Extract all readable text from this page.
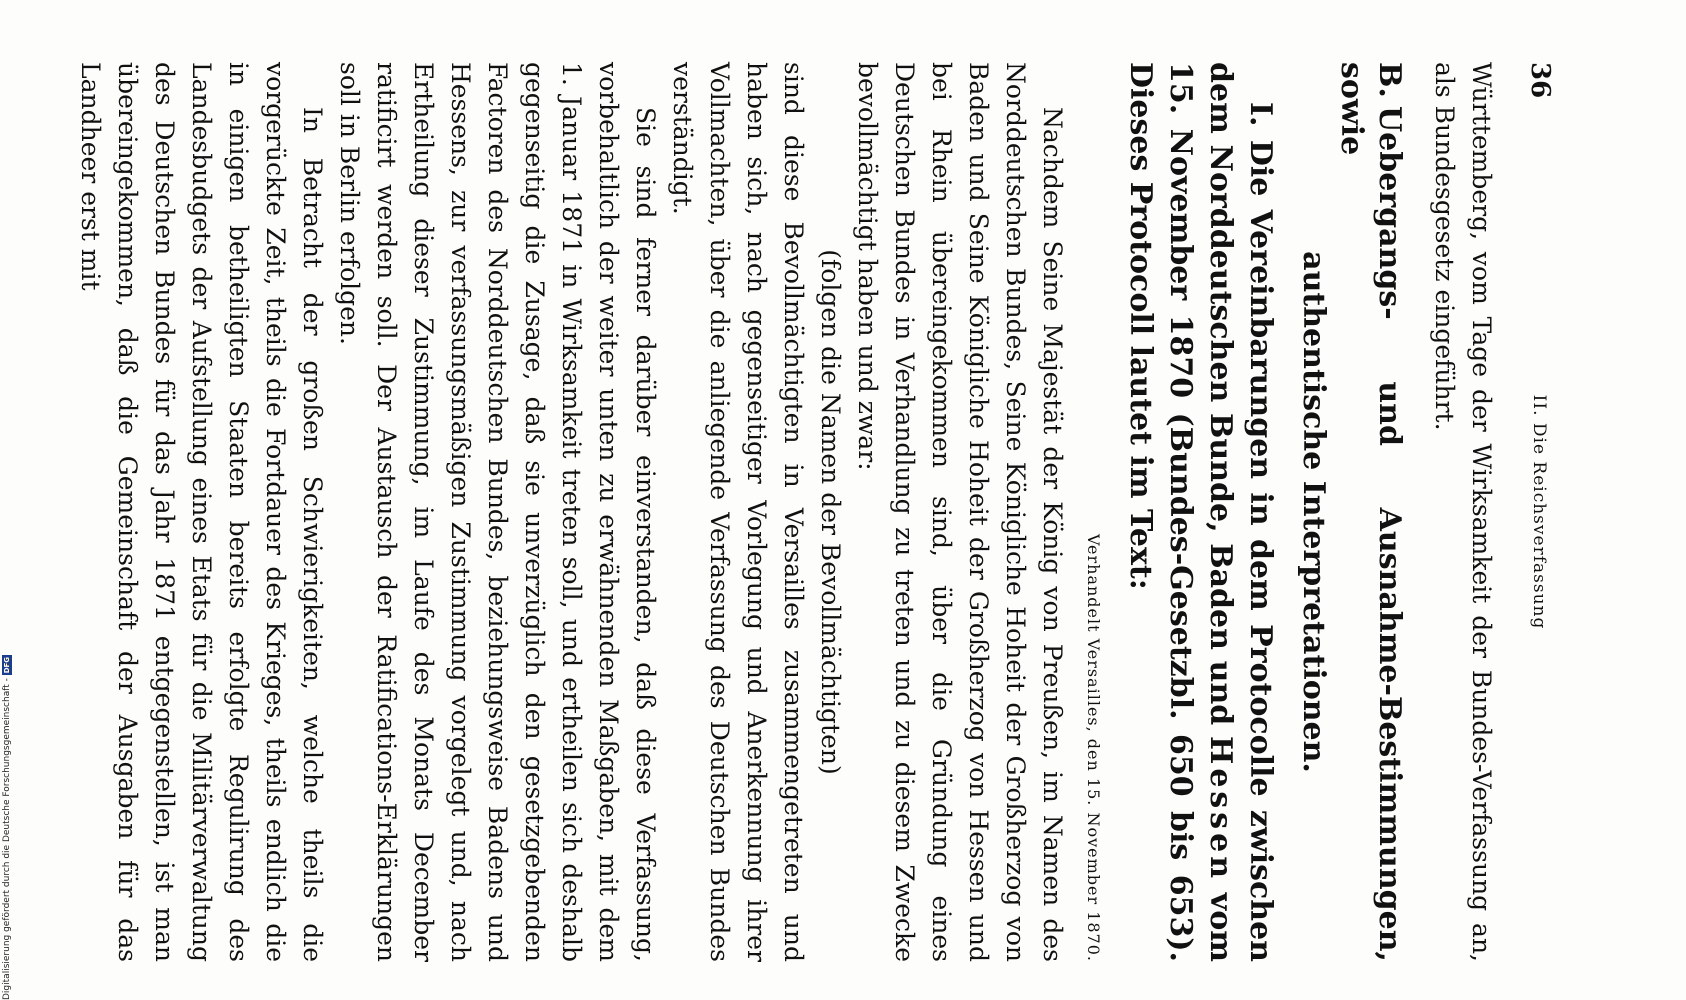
36
II. Die Reichsverfassung

Württemberg, vom Tage der Wirksamkeit der Bundes-Verfassung an, als Bundesgesetz eingeführt.

B.Uebergangs- und Ausnahme-Bestimmungen, sowie
authentische Interpretationen.

I. Die Vereinbarungen in dem Protocolle zwischen dem Norddeutschen Bunde, Baden und Hessen vom 15. November 1870 (Bundes-Gesetzbl. 650 bis 653). Dieses Protocoll lautet im Text:

Verhandelt Versailles, den 15. November 1870.

Nachdem Seine Majestät der König von Preußen, im Namen des Norddeutschen Bundes, Seine Königliche Hoheit der Großherzog von Baden und Seine Königliche Hoheit der Großherzog von Hessen und bei Rhein übereingekommen sind, über die Gründung eines Deutschen Bundes in Verhandlung zu treten und zu diesem Zwecke bevollmächtigt haben und zwar:

(folgen die Namen der Bevollmächtigten)

sind diese Bevollmächtigten in Versailles zusammengetreten und haben sich, nach gegenseitiger Vorlegung und Anerkennung ihrer Vollmachten, über die anliegende Verfassung des Deutschen Bundes verständigt.

Sie sind ferner darüber einverstanden, daß diese Verfassung, vorbehaltlich der weiter unten zu erwähnenden Maßgaben, mit dem 1. Januar 1871 in Wirksamkeit treten soll, und ertheilen sich deshalb gegenseitig die Zusage, daß sie unverzüglich den gesetzgebenden Factoren des Norddeutschen Bundes, beziehungsweise Badens und Hessens, zur verfassungsmäßigen Zustimmung vorgelegt und, nach Ertheilung dieser Zustimmung, im Laufe des Monats December ratificirt werden soll. Der Austausch der Ratifications-Erklärungen soll in Berlin erfolgen.

In Betracht der großen Schwierigkeiten, welche theils die vorgerückte Zeit, theils die Fortdauer des Krieges, theils endlich die in einigen betheiligten Staaten bereits erfolgte Regulirung des Landesbudgets der Aufstellung eines Etats für die Militärverwaltung des Deutschen Bundes für das Jahr 1871 entgegenstellen, ist man übereingekommen, daß die Gemeinschaft der Ausgaben für das Landheer erst mit

Digitalisierung gefördert durch die Deutsche Forschungsgemeinschaft -
DFG
